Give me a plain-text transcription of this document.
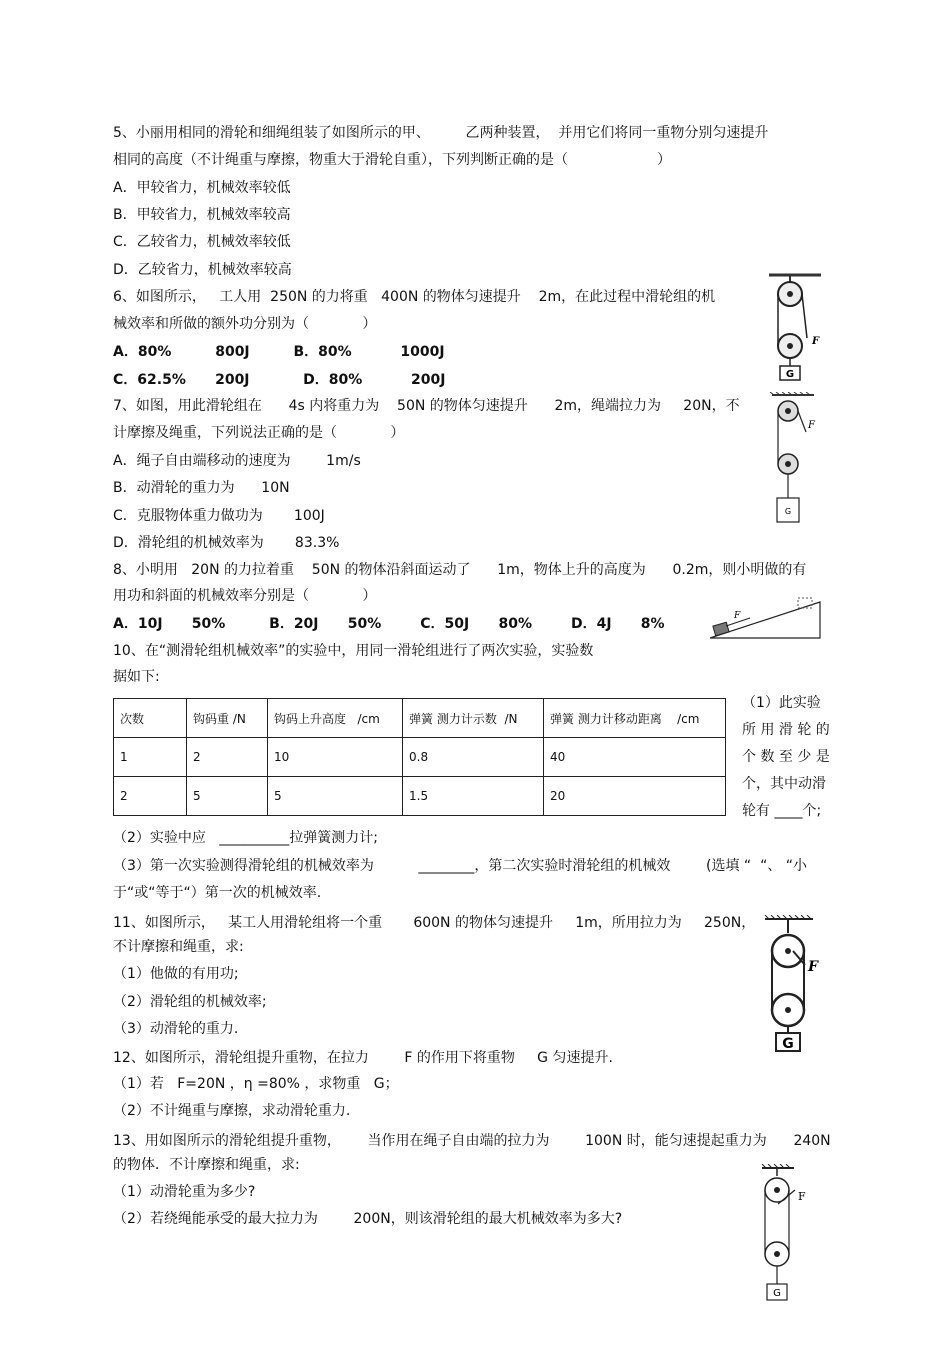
5、小丽用相同的滑轮和细绳组装了如图所示的甲、        乙两种装置，  并用它们将同一重物分别匀速提升
相同的高度（不计绳重与摩擦，物重大于滑轮自重），下列判断正确的是（                    ）
A．甲较省力，机械效率较低
B．甲较省力，机械效率较高
C．乙较省力，机械效率较低
D．乙较省力，机械效率较高
6、如图所示，   工人用  250N 的力将重   400N 的物体匀速提升    2m，在此过程中滑轮组的机
械效率和所做的额外功分别为（            ）
A．80%         800J         B．80%          1000J
C．62.5%      200J           D．80%          200J
7、如图，用此滑轮组在      4s 内将重力为    50N 的物体匀速提升      2m，绳端拉力为     20N，不
计摩擦及绳重，下列说法正确的是（            ）
A．绳子自由端移动的速度为        1m/s
B．动滑轮的重力为      10N
C．克服物体重力做功为       100J
D．滑轮组的机械效率为       83.3%
8、小明用   20N 的力拉着重    50N 的物体沿斜面运动了      1m，物体上升的高度为      0.2m，则小明做的有
用功和斜面的机械效率分别是（            ）
A．10J      50%         B．20J      50%        C．50J      80%        D．4J      8%
10、在“测滑轮组机械效率”的实验中，用同一滑轮组进行了两次实验，实验数
据如下:
次数	钩码重 /N	钩码上升高度   /cm	弹簧 测力计示数  /N	弹簧 测力计移动距离    /cm
1	2	10	0.8	40
2	5	5	1.5	20
（1）此实验
所 用 滑 轮 的
个 数 至 少 是
个，其中动滑
轮有 ____个;
（2）实验中应   __________拉弹簧测力计;
（3）第一次实验测得滑轮组的机械效率为          ________，第二次实验时滑轮组的机械效        (选填 “  “、 “小
于“或“等于“）第一次的机械效率.
11、如图所示，   某工人用滑轮组将一个重       600N 的物体匀速提升     1m，所用拉力为     250N，
不计摩擦和绳重，求:
（1）他做的有用功;
（2）滑轮组的机械效率;
（3）动滑轮的重力.
12、如图所示，滑轮组提升重物，在拉力        F 的作用下将重物     G 匀速提升.
（1）若   F=20N ，η =80% ，求物重   G；
（2）不计绳重与摩擦，求动滑轮重力.
13、用如图所示的滑轮组提升重物，      当作用在绳子自由端的拉力为        100N 时，能匀速提起重力为      240N
的物体．不计摩擦和绳重，求:
（1）动滑轮重为多少?
（2）若绕绳能承受的最大拉力为        200N，则该滑轮组的最大机械效率为多大?
G
F
G
F
F
G
F
G
F
